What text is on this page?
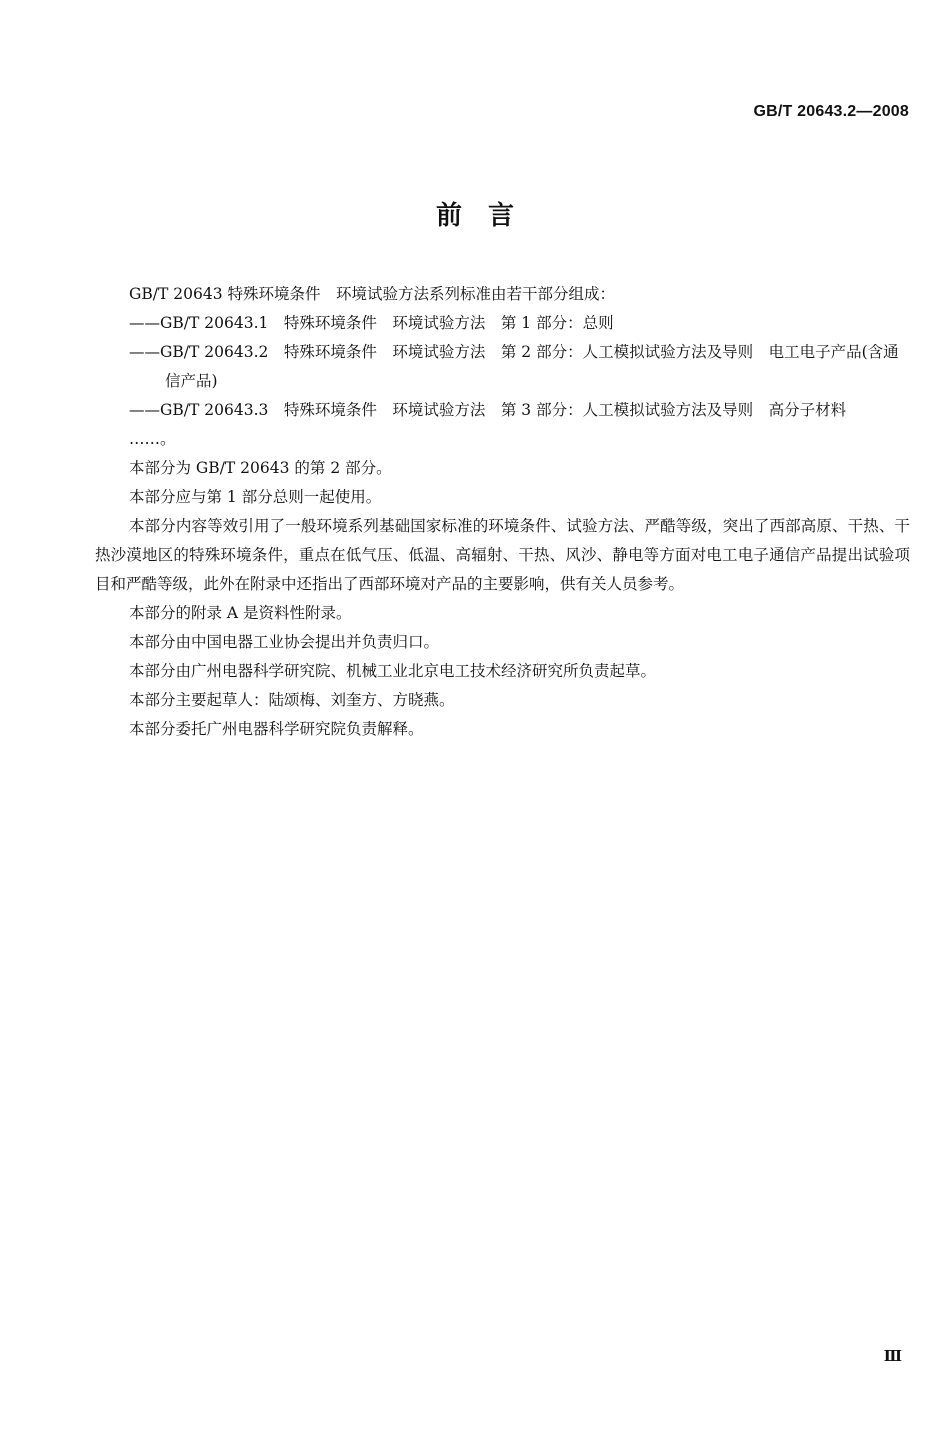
GB/T 20643.2—2008
前　言

GB/T 20643 特殊环境条件　环境试验方法系列标准由若干部分组成：

——GB/T 20643.1　特殊环境条件　环境试验方法　第 1 部分：总则

——GB/T 20643.2　特殊环境条件　环境试验方法　第 2 部分：人工模拟试验方法及导则　电工电子产品(含通信产品)

——GB/T 20643.3　特殊环境条件　环境试验方法　第 3 部分：人工模拟试验方法及导则　高分子材料

……。

本部分为 GB/T 20643 的第 2 部分。

本部分应与第 1 部分总则一起使用。

本部分内容等效引用了一般环境系列基础国家标准的环境条件、试验方法、严酷等级，突出了西部高原、干热、干热沙漠地区的特殊环境条件，重点在低气压、低温、高辐射、干热、风沙、静电等方面对电工电子通信产品提出试验项目和严酷等级，此外在附录中还指出了西部环境对产品的主要影响，供有关人员参考。

本部分的附录 A 是资料性附录。

本部分由中国电器工业协会提出并负责归口。

本部分由广州电器科学研究院、机械工业北京电工技术经济研究所负责起草。

本部分主要起草人：陆颂梅、刘奎方、方晓燕。

本部分委托广州电器科学研究院负责解释。

Ⅲ
